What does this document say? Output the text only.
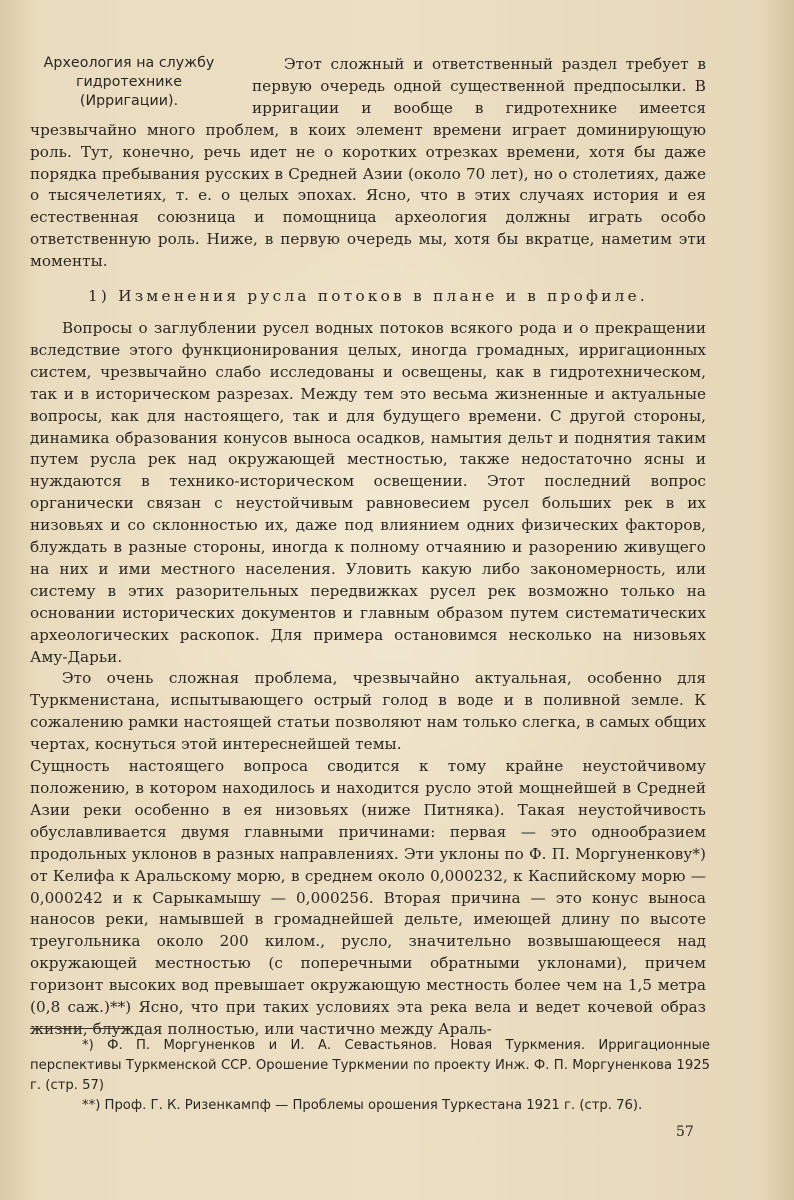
Археология на службу
гидротехнике
(Ирригации).

Этот сложный и ответственный раздел требует в первую очередь одной существенной предпосылки. В ирригации и вообще в гидротехнике имеется чрезвычайно много проблем, в коих элемент времени играет доминирующую роль. Тут, конечно, речь идет не о коротких отрезках времени, хотя бы даже порядка пребывания русских в Средней Азии (около 70 лет), но о столетиях, даже о тысячелетиях, т. е. о целых эпохах. Ясно, что в этих случаях история и ея естественная союзница и помощница археология должны играть особо ответственную роль. Ниже, в первую очередь мы, хотя бы вкратце, наметим эти моменты.

1) Изменения русла потоков в плане и в профиле.

Вопросы о заглублении русел водных потоков всякого рода и о прекращении вследствие этого функционирования целых, иногда громадных, ирригационных систем, чрезвычайно слабо исследованы и освещены, как в гидротехническом, так и в историческом разрезах. Между тем это весьма жизненные и актуальные вопросы, как для настоящего, так и для будущего времени. С другой стороны, динамика образования конусов выноса осадков, намытия дельт и поднятия таким путем русла рек над окружающей местностью, также недостаточно ясны и нуждаются в технико-историческом освещении. Этот последний вопрос органически связан с неустойчивым равновесием русел больших рек в их низовьях и со склонностью их, даже под влиянием одних физических факторов, блуждать в разные стороны, иногда к полному отчаянию и разорению живущего на них и ими местного населения. Уловить какую либо закономерность, или систему в этих разорительных передвижках русел рек возможно только на основании исторических документов и главным образом путем систематических археологических раскопок. Для примера остановимся несколько на низовьях Аму-Дарьи.

Это очень сложная проблема, чрезвычайно актуальная, особенно для Туркменистана, испытывающего острый голод в воде и в поливной земле. К сожалению рамки настоящей статьи позволяют нам только слегка, в самых общих чертах, коснуться этой интереснейшей темы.

Сущность настоящего вопроса сводится к тому крайне неустойчивому положению, в котором находилось и находится русло этой мощнейшей в Средней Азии реки особенно в ея низовьях (ниже Питняка). Такая неустойчивость обуславливается двумя главными причинами: первая — это однообразием продольных уклонов в разных направлениях. Эти уклоны по Ф. П. Моргуненкову*) от Келифа к Аральскому морю, в среднем около 0,000232, к Каспийскому морю — 0,000242 и к Сарыкамышу — 0,000256. Вторая причина — это конус выноса наносов реки, намывшей в громаднейшей дельте, имеющей длину по высоте треугольника около 200 килом., русло, значительно возвышающееся над окружающей местностью (с поперечными обратными уклонами), причем горизонт высоких вод превышает окружающую местность более чем на 1,5 метра (0,8 саж.)**) Ясно, что при таких условиях эта река вела и ведет кочевой образ жизни, блуждая полностью, или частично между Араль-

*) Ф. П. Моргуненков и И. А. Севастьянов. Новая Туркмения. Ирригационные перспективы Туркменской ССР. Орошение Туркмении по проекту Инж. Ф. П. Моргуненкова 1925 г. (стр. 57)

**) Проф. Г. К. Ризенкампф — Проблемы орошения Туркестана 1921 г. (стр. 76).

57
